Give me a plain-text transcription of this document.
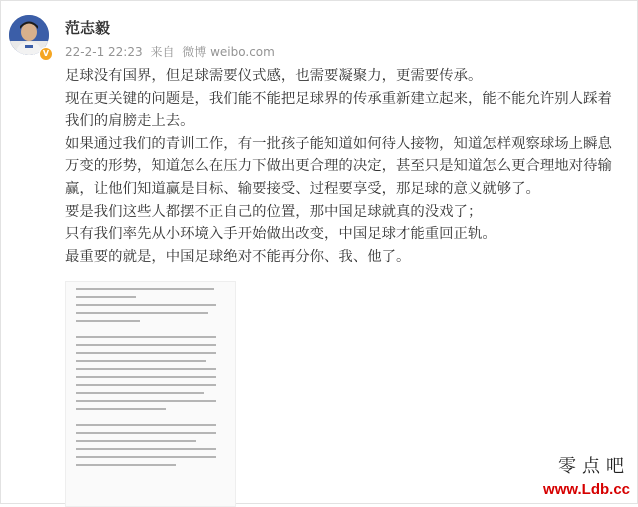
V
范志毅
22-2-1 22:23 来自 微博 weibo.com

足球没有国界，但足球需要仪式感，也需要凝聚力，更需要传承。

现在更关键的问题是，我们能不能把足球界的传承重新建立起来，能不能允许别人踩着我们的肩膀走上去。

如果通过我们的青训工作，有一批孩子能知道如何待人接物，知道怎样观察球场上瞬息万变的形势，知道怎么在压力下做出更合理的决定，甚至只是知道怎么更合理地对待输赢，让他们知道赢是目标、输要接受、过程要享受，那足球的意义就够了。

要是我们这些人都摆不正自己的位置，那中国足球就真的没戏了；

只有我们率先从小环境入手开始做出改变，中国足球才能重回正轨。

最重要的就是，中国足球绝对不能再分你、我、他了。

零点吧
www.Ldb.cc
